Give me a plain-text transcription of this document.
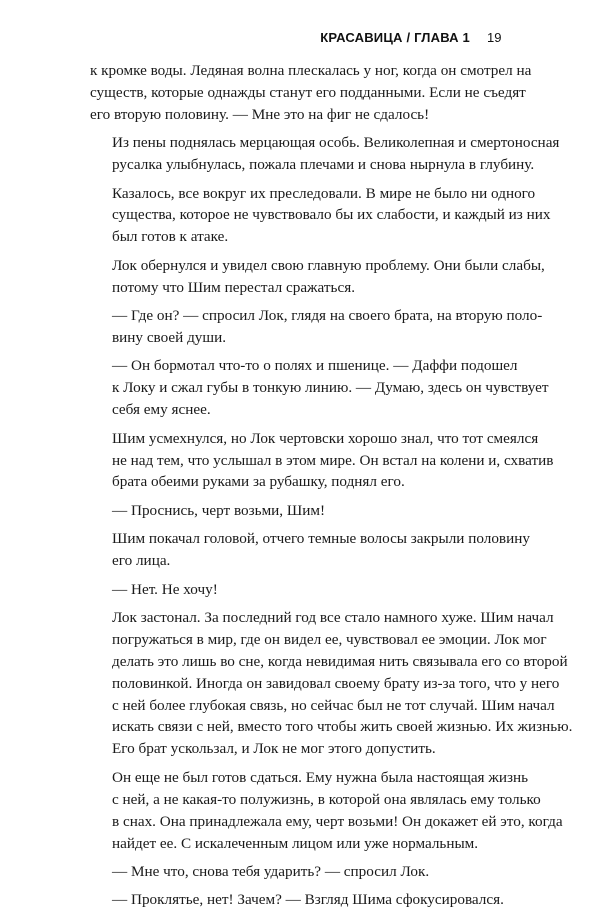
КРАСАВИЦА / ГЛАВА 1 19

к кромке воды. Ледяная волна плескалась у ног, когда он смотрел на
существ, которые однажды станут его подданными. Если не съедят
его вторую половину. — Мне это на фиг не сдалось!

Из пены поднялась мерцающая особь. Великолепная и смертоносная
русалка улыбнулась, пожала плечами и снова нырнула в глубину.

Казалось, все вокруг их преследовали. В мире не было ни одного
существа, которое не чувствовало бы их слабости, и каждый из них
был готов к атаке.

Лок обернулся и увидел свою главную проблему. Они были слабы,
потому что Шим перестал сражаться.

— Где он? — спросил Лок, глядя на своего брата, на вторую поло-
вину своей души.

— Он бормотал что-то о полях и пшенице. — Даффи подошел
к Локу и сжал губы в тонкую линию. — Думаю, здесь он чувствует
себя ему яснее.

Шим усмехнулся, но Лок чертовски хорошо знал, что тот смеялся
не над тем, что услышал в этом мире. Он встал на колени и, схватив
брата обеими руками за рубашку, поднял его.

— Проснись, черт возьми, Шим!

Шим покачал головой, отчего темные волосы закрыли половину
его лица.

— Нет. Не хочу!

Лок застонал. За последний год все стало намного хуже. Шим начал
погружаться в мир, где он видел ее, чувствовал ее эмоции. Лок мог
делать это лишь во сне, когда невидимая нить связывала его со второй
половинкой. Иногда он завидовал своему брату из-за того, что у него
с ней более глубокая связь, но сейчас был не тот случай. Шим начал
искать связи с ней, вместо того чтобы жить своей жизнью. Их жизнью.
Его брат ускользал, и Лок не мог этого допустить.

Он еще не был готов сдаться. Ему нужна была настоящая жизнь
с ней, а не какая-то полужизнь, в которой она являлась ему только
в снах. Она принадлежала ему, черт возьми! Он докажет ей это, когда
найдет ее. С искалеченным лицом или уже нормальным.

— Мне что, снова тебя ударить? — спросил Лок.

— Проклятье, нет! Зачем? — Взгляд Шима сфокусировался.
